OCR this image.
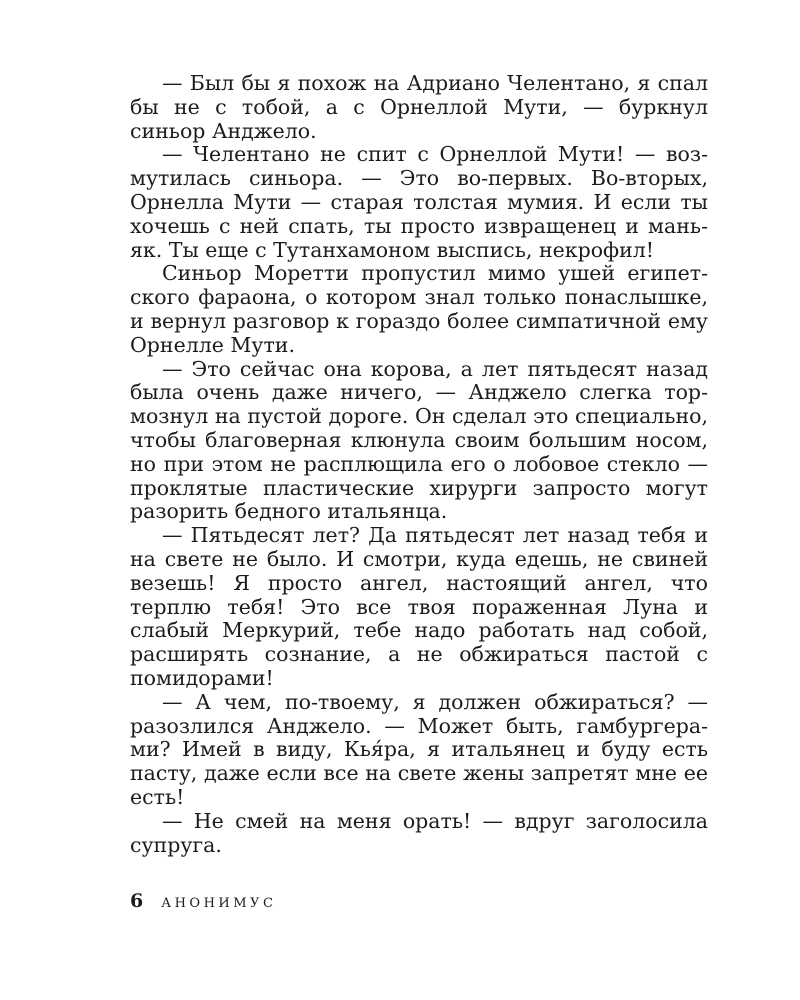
— Был бы я похож на Адриано Челентано, я спал бы не с тобой, а с Орнеллой Мути, — буркнул синьор Анджело.

— Челентано не спит с Орнеллой Мути! — возмутилась синьора. — Это во-первых. Во-вторых, Орнелла Мути — старая толстая мумия. И если ты хочешь с ней спать, ты просто извращенец и маньяк. Ты еще с Тутанхамоном выспись, некрофил!

Синьор Моретти пропустил мимо ушей египетского фараона, о котором знал только понаслышке, и вернул разговор к гораздо более симпатичной ему Орнелле Мути.

— Это сейчас она корова, а лет пятьдесят назад была очень даже ничего, — Анджело слегка тормознул на пустой дороге. Он сделал это специально, чтобы благоверная клюнула своим большим носом, но при этом не расплющила его о лобовое стекло — проклятые пластические хирурги запросто могут разорить бедного итальянца.

— Пятьдесят лет? Да пятьдесят лет назад тебя и на свете не было. И смотри, куда едешь, не свиней везешь! Я просто ангел, настоящий ангел, что терплю тебя! Это все твоя пораженная Луна и слабый Меркурий, тебе надо работать над собой, расширять сознание, а не обжираться пастой с помидорами!

— А чем, по-твоему, я должен обжираться? — разозлился Анджело. — Может быть, гамбургерами? Имей в виду, Кья́ра, я итальянец и буду есть пасту, даже если все на свете жены запретят мне ее есть!

— Не смей на меня орать! — вдруг заголосила супруга.

6 АНОНИМУС
